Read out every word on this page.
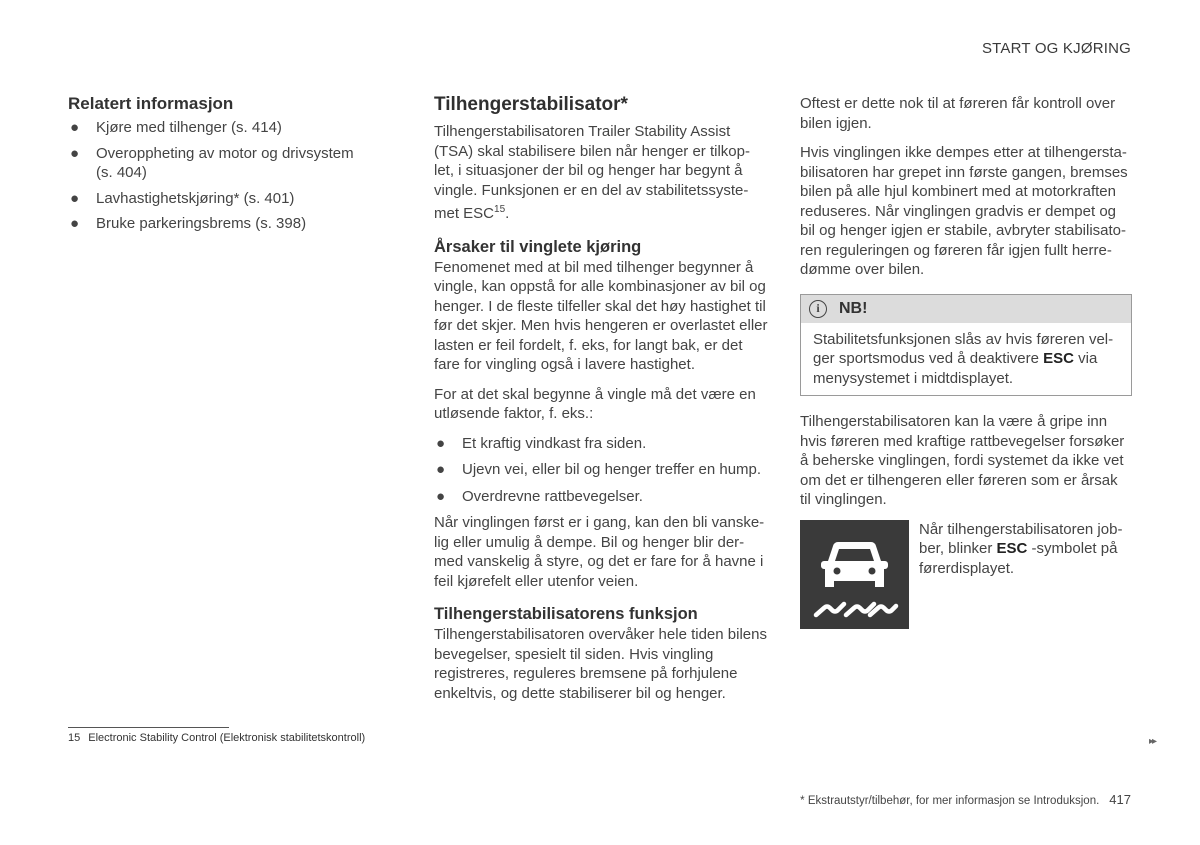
START OG KJØRING
Relatert informasjon
● Kjøre med tilhenger (s. 414)
● Overoppheting av motor og drivsystem (s. 404)
● Lavhastighetskjøring* (s. 401)
● Bruke parkeringsbrems (s. 398)
Tilhengerstabilisator*

Tilhengerstabilisatoren Trailer Stability Assist (TSA) skal stabilisere bilen når henger er tilkop-let, i situasjoner der bil og henger har begynt å vingle. Funksjonen er en del av stabilitetssyste-met ESC$^{15}$.

Årsaker til vinglete kjøring

Fenomenet med at bil med tilhenger begynner å vingle, kan oppstå for alle kombinasjoner av bil og henger. I de fleste tilfeller skal det høy hastighet til før det skjer. Men hvis hengeren er overlastet eller lasten er feil fordelt, f. eks, for langt bak, er det fare for vingling også i lavere hastighet.

For at det skal begynne å vingle må det være en utløsende faktor, f. eks.:

● Et kraftig vindkast fra siden.
● Ujevn vei, eller bil og henger treffer en hump.
● Overdrevne rattbevegelser.

Når vinglingen først er i gang, kan den bli vanske-lig eller umulig å dempe. Bil og henger blir der-med vanskelig å styre, og det er fare for å havne i feil kjørefelt eller utenfor veien.

Tilhengerstabilisatorens funksjon

Tilhengerstabilisatoren overvåker hele tiden bilens bevegelser, spesielt til siden. Hvis vingling registreres, reguleres bremsene på forhjulene enkeltvis, og dette stabiliserer bil og henger.

Oftest er dette nok til at føreren får kontroll over bilen igjen.

Hvis vinglingen ikke dempes etter at tilhengersta-bilisatoren har grepet inn første gangen, bremses bilen på alle hjul kombinert med at motorkraften reduseres. Når vinglingen gradvis er dempet og bil og henger igjen er stabile, avbryter stabilisato-ren reguleringen og føreren får igjen fullt herre-dømme over bilen.

i	NB!
Stabilitetsfunksjonen slås av hvis føreren vel-ger sportsmodus ved å deaktivere ESC via menysystemet i midtdisplayet.

Tilhengerstabilisatoren kan la være å gripe inn hvis føreren med kraftige rattbevegelser forsøker å beherske vinglingen, fordi systemet da ikke vet om det er tilhengeren eller føreren som er årsak til vinglingen.

Når tilhengerstabilisatoren job-ber, blinker ESC -symbolet på førerdisplayet.
15 Electronic Stability Control (Elektronisk stabilitetskontroll)	▸▸
* Ekstrautstyr/tilbehør, for mer informasjon se Introduksjon. 417
